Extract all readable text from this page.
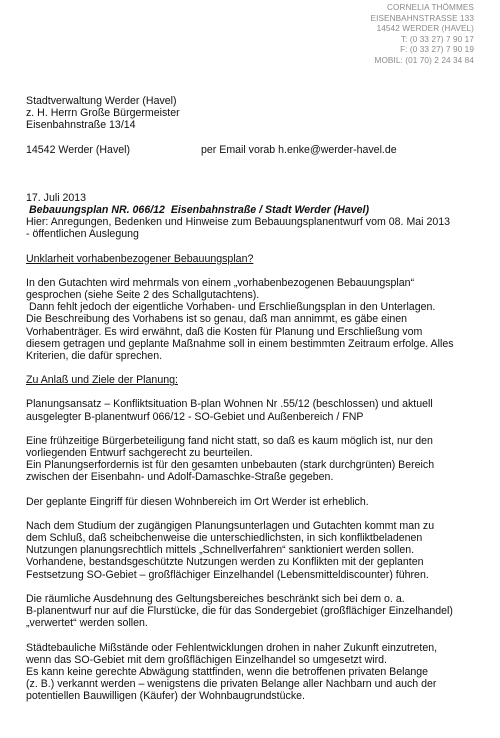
CORNELIA THÖMMES
EISENBAHNSTRASSE 133
14542 WERDER (HAVEL)
T: (0 33 27) 7 90 17
F: (0 33 27) 7 90 19
MOBIL: (01 70) 2 24 34 84
Stadtverwaltung Werder (Havel)
z. H. Herrn Große Bürgermeister
Eisenbahnstraße 13/14
14542 Werder (Havel)	per Email vorab h.enke@werder-havel.de
17. Juli 2013
Bebauungsplan NR. 066/12  Eisenbahnstraße / Stadt Werder (Havel)
Hier: Anregungen, Bedenken und Hinweise zum Bebauungsplanentwurf vom 08. Mai 2013
- öffentlichen Auslegung
Unklarheit vorhabenbezogener Bebauungsplan?

In den Gutachten wird mehrmals von einem „vorhabenbezogenen Bebauungsplan“
gesprochen (siehe Seite 2 des Schallgutachtens).
Dann fehlt jedoch der eigentliche Vorhaben- und Erschließungsplan in den Unterlagen.
Die Beschreibung des Vorhabens ist so genau, daß man annimmt, es gäbe einen
Vorhabenträger. Es wird erwähnt, daß die Kosten für Planung und Erschließung vom
diesem getragen und geplante Maßnahme soll in einem bestimmten Zeitraum erfolge. Alles
Kriterien, die dafür sprechen.

Zu Anlaß und Ziele der Planung:

Planungsansatz – Konfliktsituation B-plan Wohnen Nr .55/12 (beschlossen) und aktuell
ausgelegter B-planentwurf 066/12 - SO-Gebiet und Außenbereich / FNP

Eine frühzeitige Bürgerbeteiligung fand nicht statt, so daß es kaum möglich ist, nur den
vorliegenden Entwurf sachgerecht zu beurteilen.
Ein Planungserfordernis ist für den gesamten unbebauten (stark durchgrünten) Bereich
zwischen der Eisenbahn- und Adolf-Damaschke-Straße gegeben.

Der geplante Eingriff für diesen Wohnbereich im Ort Werder ist erheblich.

Nach dem Studium der zugängigen Planungsunterlagen und Gutachten kommt man zu
dem Schluß, daß scheibchenweise die unterschiedlichsten, in sich konfliktbeladenen
Nutzungen planungsrechtlich mittels „Schnellverfahren“ sanktioniert werden sollen.
Vorhandene, bestandsgeschützte Nutzungen werden zu Konflikten mit der geplanten
Festsetzung SO-Gebiet – großflächiger Einzelhandel (Lebensmitteldiscounter) führen.

Die räumliche Ausdehnung des Geltungsbereiches beschränkt sich bei dem o. a.
B-planentwurf nur auf die Flurstücke, die für das Sondergebiet (großflächiger Einzelhandel)
„verwertet“ werden sollen.

Städtebauliche Mißstände oder Fehlentwicklungen drohen in naher Zukunft einzutreten,
wenn das SO-Gebiet mit dem großflächigen Einzelhandel so umgesetzt wird.
Es kann keine gerechte Abwägung stattfinden, wenn die betroffenen privaten Belange
(z. B.) verkannt werden – wenigstens die privaten Belange aller Nachbarn und auch der
potentiellen Bauwilligen (Käufer) der Wohnbaugrundstücke.
